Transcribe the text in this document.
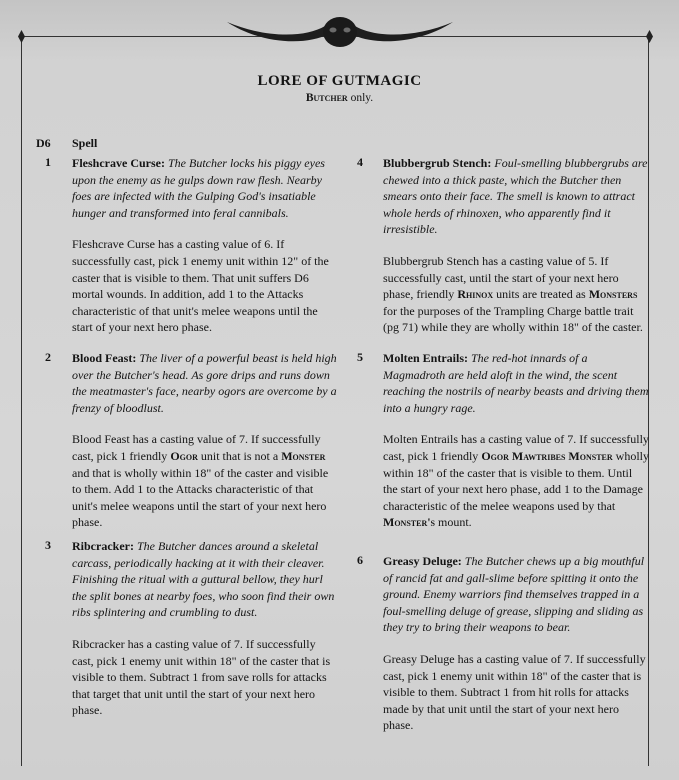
LORE OF GUTMAGIC
Butcher only.
D6 Spell
1 Fleshcrave Curse: The Butcher locks his piggy eyes upon the enemy as he gulps down raw flesh. Nearby foes are infected with the Gulping God's insatiable hunger and transformed into feral cannibals.

Fleshcrave Curse has a casting value of 6. If successfully cast, pick 1 enemy unit within 12" of the caster that is visible to them. That unit suffers D6 mortal wounds. In addition, add 1 to the Attacks characteristic of that unit's melee weapons until the start of your next hero phase.

2 Blood Feast: The liver of a powerful beast is held high over the Butcher's head. As gore drips and runs down the meatmaster's face, nearby ogors are overcome by a frenzy of bloodlust.

Blood Feast has a casting value of 7. If successfully cast, pick 1 friendly Ogor unit that is not a Monster and that is wholly within 18" of the caster and visible to them. Add 1 to the Attacks characteristic of that unit's melee weapons until the start of your next hero phase.

3 Ribcracker: The Butcher dances around a skeletal carcass, periodically hacking at it with their cleaver. Finishing the ritual with a guttural bellow, they hurl the split bones at nearby foes, who soon find their own ribs splintering and crumbling to dust.

Ribcracker has a casting value of 7. If successfully cast, pick 1 enemy unit within 18" of the caster that is visible to them. Subtract 1 from save rolls for attacks that target that unit until the start of your next hero phase.

4 Blubbergrub Stench: Foul-smelling blubbergrubs are chewed into a thick paste, which the Butcher then smears onto their face. The smell is known to attract whole herds of rhinoxen, who apparently find it irresistible.

Blubbergrub Stench has a casting value of 5. If successfully cast, until the start of your next hero phase, friendly Rhinox units are treated as Monsters for the purposes of the Trampling Charge battle trait (pg 71) while they are wholly within 18" of the caster.

5 Molten Entrails: The red-hot innards of a Magmadroth are held aloft in the wind, the scent reaching the nostrils of nearby beasts and driving them into a hungry rage.

Molten Entrails has a casting value of 7. If successfully cast, pick 1 friendly Ogor Mawtribes Monster wholly within 18" of the caster that is visible to them. Until the start of your next hero phase, add 1 to the Damage characteristic of the melee weapons used by that Monster's mount.

6 Greasy Deluge: The Butcher chews up a big mouthful of rancid fat and gall-slime before spitting it onto the ground. Enemy warriors find themselves trapped in a foul-smelling deluge of grease, slipping and sliding as they try to bring their weapons to bear.

Greasy Deluge has a casting value of 7. If successfully cast, pick 1 enemy unit within 18" of the caster that is visible to them. Subtract 1 from hit rolls for attacks made by that unit until the start of your next hero phase.
